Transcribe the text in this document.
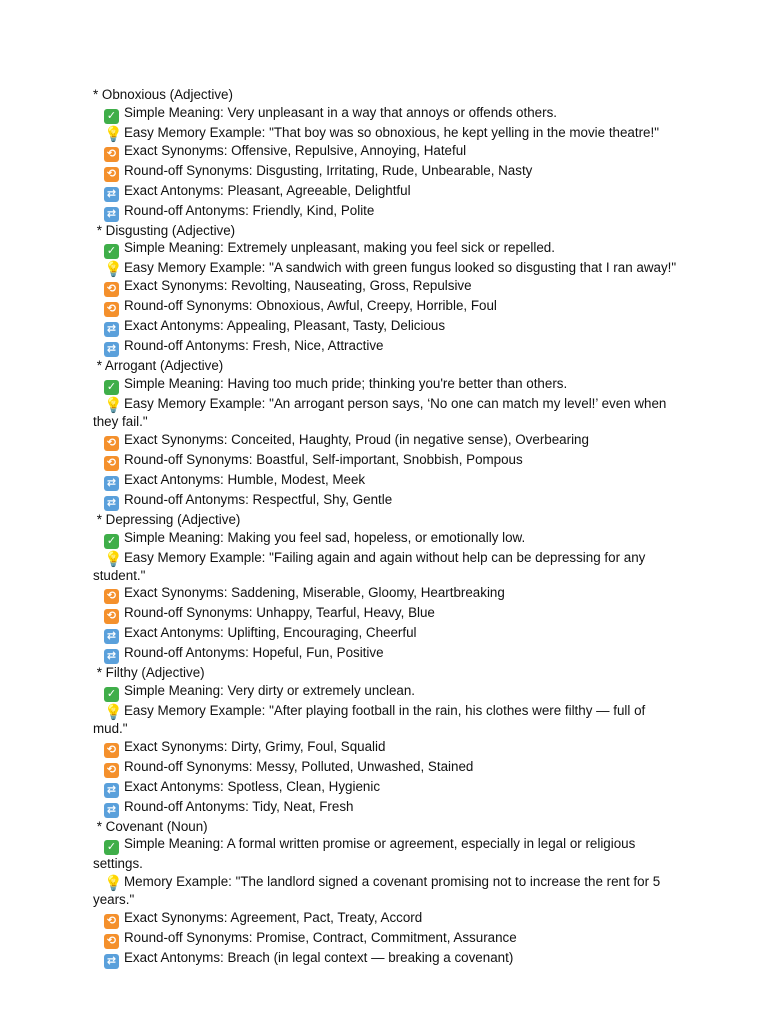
* Obnoxious (Adjective)

✓ Simple Meaning: Very unpleasant in a way that annoys or offends others.

💡Easy Memory Example: "That boy was so obnoxious, he kept yelling in the movie theatre!"

⟲ Exact Synonyms: Offensive, Repulsive, Annoying, Hateful

⟲ Round-off Synonyms: Disgusting, Irritating, Rude, Unbearable, Nasty

⇄ Exact Antonyms: Pleasant, Agreeable, Delightful

⇄ Round-off Antonyms: Friendly, Kind, Polite

* Disgusting (Adjective)

✓ Simple Meaning: Extremely unpleasant, making you feel sick or repelled.

💡Easy Memory Example: "A sandwich with green fungus looked so disgusting that I ran away!"

⟲ Exact Synonyms: Revolting, Nauseating, Gross, Repulsive

⟲ Round-off Synonyms: Obnoxious, Awful, Creepy, Horrible, Foul

⇄ Exact Antonyms: Appealing, Pleasant, Tasty, Delicious

⇄ Round-off Antonyms: Fresh, Nice, Attractive

* Arrogant (Adjective)

✓ Simple Meaning: Having too much pride; thinking you're better than others.

💡Easy Memory Example: "An arrogant person says, ‘No one can match my level!’ even when they fail."

⟲ Exact Synonyms: Conceited, Haughty, Proud (in negative sense), Overbearing

⟲ Round-off Synonyms: Boastful, Self-important, Snobbish, Pompous

⇄ Exact Antonyms: Humble, Modest, Meek

⇄ Round-off Antonyms: Respectful, Shy, Gentle

* Depressing (Adjective)

✓ Simple Meaning: Making you feel sad, hopeless, or emotionally low.

💡Easy Memory Example: "Failing again and again without help can be depressing for any student."

⟲ Exact Synonyms: Saddening, Miserable, Gloomy, Heartbreaking

⟲ Round-off Synonyms: Unhappy, Tearful, Heavy, Blue

⇄ Exact Antonyms: Uplifting, Encouraging, Cheerful

⇄ Round-off Antonyms: Hopeful, Fun, Positive

* Filthy (Adjective)

✓ Simple Meaning: Very dirty or extremely unclean.

💡Easy Memory Example: "After playing football in the rain, his clothes were filthy — full of mud."

⟲ Exact Synonyms: Dirty, Grimy, Foul, Squalid

⟲ Round-off Synonyms: Messy, Polluted, Unwashed, Stained

⇄ Exact Antonyms: Spotless, Clean, Hygienic

⇄ Round-off Antonyms: Tidy, Neat, Fresh

* Covenant (Noun)

✓ Simple Meaning: A formal written promise or agreement, especially in legal or religious settings.

💡Memory Example: "The landlord signed a covenant promising not to increase the rent for 5 years."

⟲ Exact Synonyms: Agreement, Pact, Treaty, Accord

⟲ Round-off Synonyms: Promise, Contract, Commitment, Assurance

⇄ Exact Antonyms: Breach (in legal context — breaking a covenant)
